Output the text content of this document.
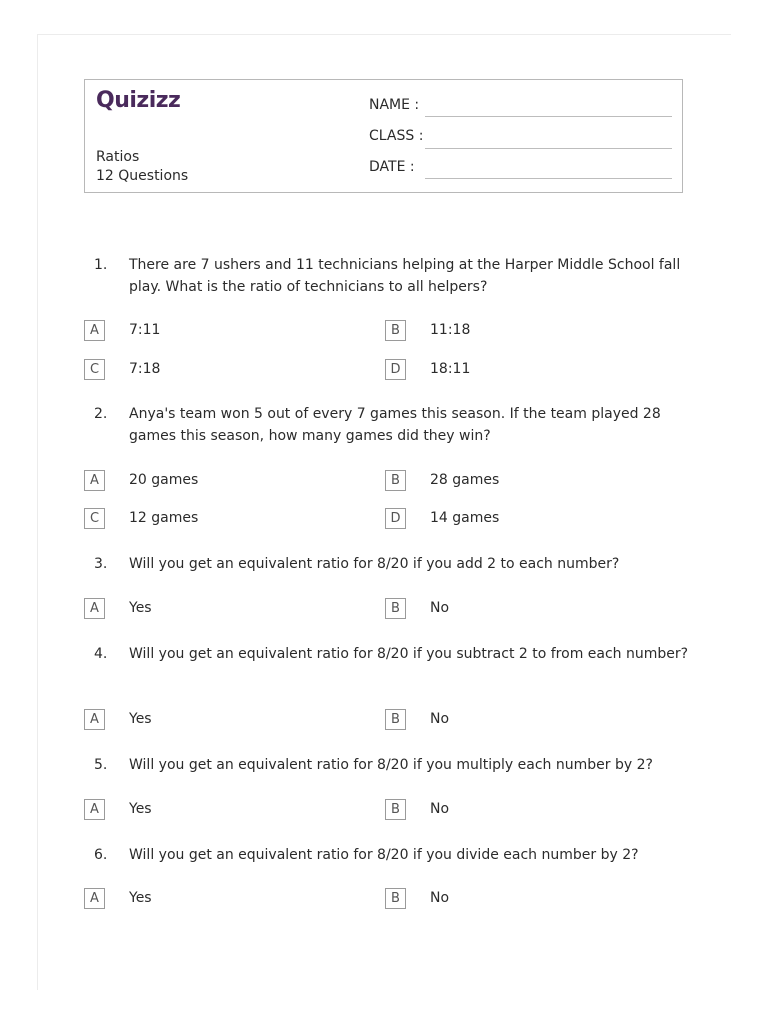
Quizizz
Ratios
12 Questions
NAME :
CLASS :
DATE :
1. There are 7 ushers and 11 technicians helping at the Harper Middle School fall play. What is the ratio of technicians to all helpers?
A	7:11	B	11:18
C	7:18	D	18:11
2. Anya's team won 5 out of every 7 games this season. If the team played 28 games this season, how many games did they win?
A	20 games	B	28 games
C	12 games	D	14 games
3. Will you get an equivalent ratio for 8/20 if you add 2 to each number?
A	Yes	B	No
4. Will you get an equivalent ratio for 8/20 if you subtract 2 to from each number?
A	Yes	B	No
5. Will you get an equivalent ratio for 8/20 if you multiply each number by 2?
A	Yes	B	No
6. Will you get an equivalent ratio for 8/20 if you divide each number by 2?
A	Yes	B	No
